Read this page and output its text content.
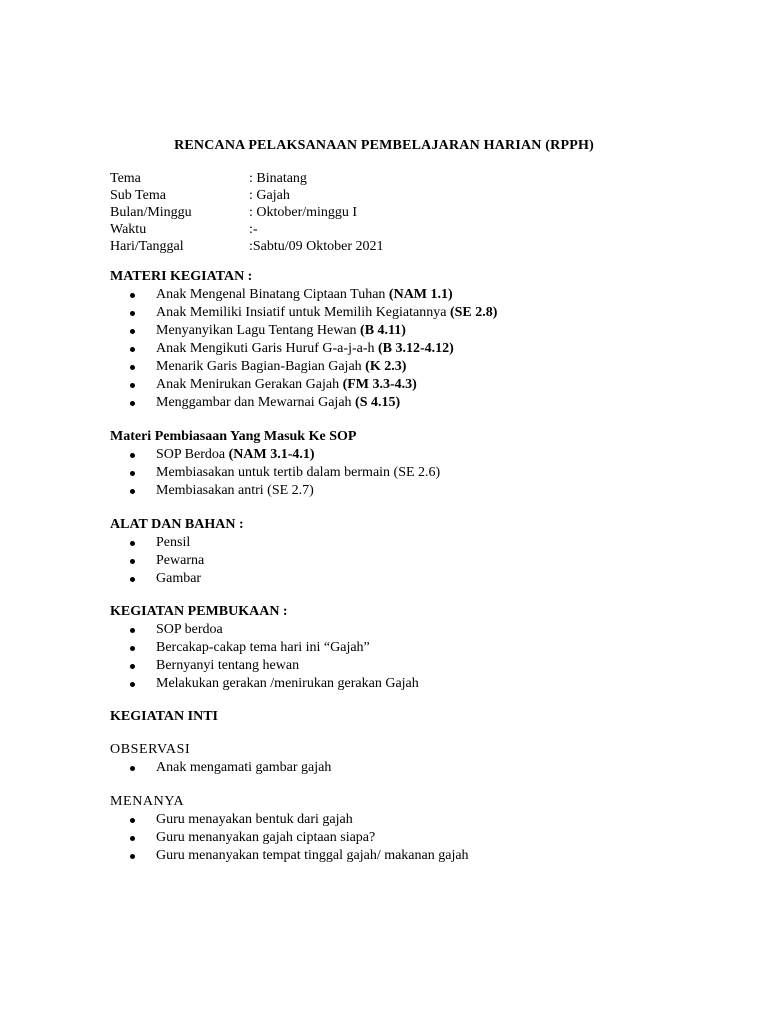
RENCANA PELAKSANAAN PEMBELAJARAN HARIAN (RPPH)
Tema	: Binatang
Sub Tema	: Gajah
Bulan/Minggu	: Oktober/minggu I
Waktu	:-
Hari/Tanggal	:Sabtu/09 Oktober 2021
MATERI KEGIATAN :
Anak Mengenal Binatang Ciptaan Tuhan (NAM 1.1)
Anak Memiliki Insiatif untuk Memilih Kegiatannya (SE 2.8)
Menyanyikan Lagu Tentang Hewan (B 4.11)
Anak Mengikuti Garis Huruf G-a-j-a-h (B 3.12-4.12)
Menarik Garis Bagian-Bagian Gajah (K 2.3)
Anak Menirukan Gerakan Gajah (FM 3.3-4.3)
Menggambar dan Mewarnai Gajah (S 4.15)
Materi Pembiasaan Yang Masuk Ke SOP
SOP Berdoa (NAM 3.1-4.1)
Membiasakan untuk tertib dalam bermain (SE 2.6)
Membiasakan antri (SE 2.7)
ALAT DAN BAHAN :
Pensil
Pewarna
Gambar
KEGIATAN PEMBUKAAN :
SOP berdoa
Bercakap-cakap tema hari ini “Gajah”
Bernyanyi tentang hewan
Melakukan gerakan /menirukan gerakan Gajah
KEGIATAN INTI
OBSERVASI
Anak mengamati gambar gajah
MENANYA
Guru menayakan bentuk dari gajah
Guru menanyakan gajah ciptaan siapa?
Guru menanyakan tempat tinggal gajah/ makanan gajah
